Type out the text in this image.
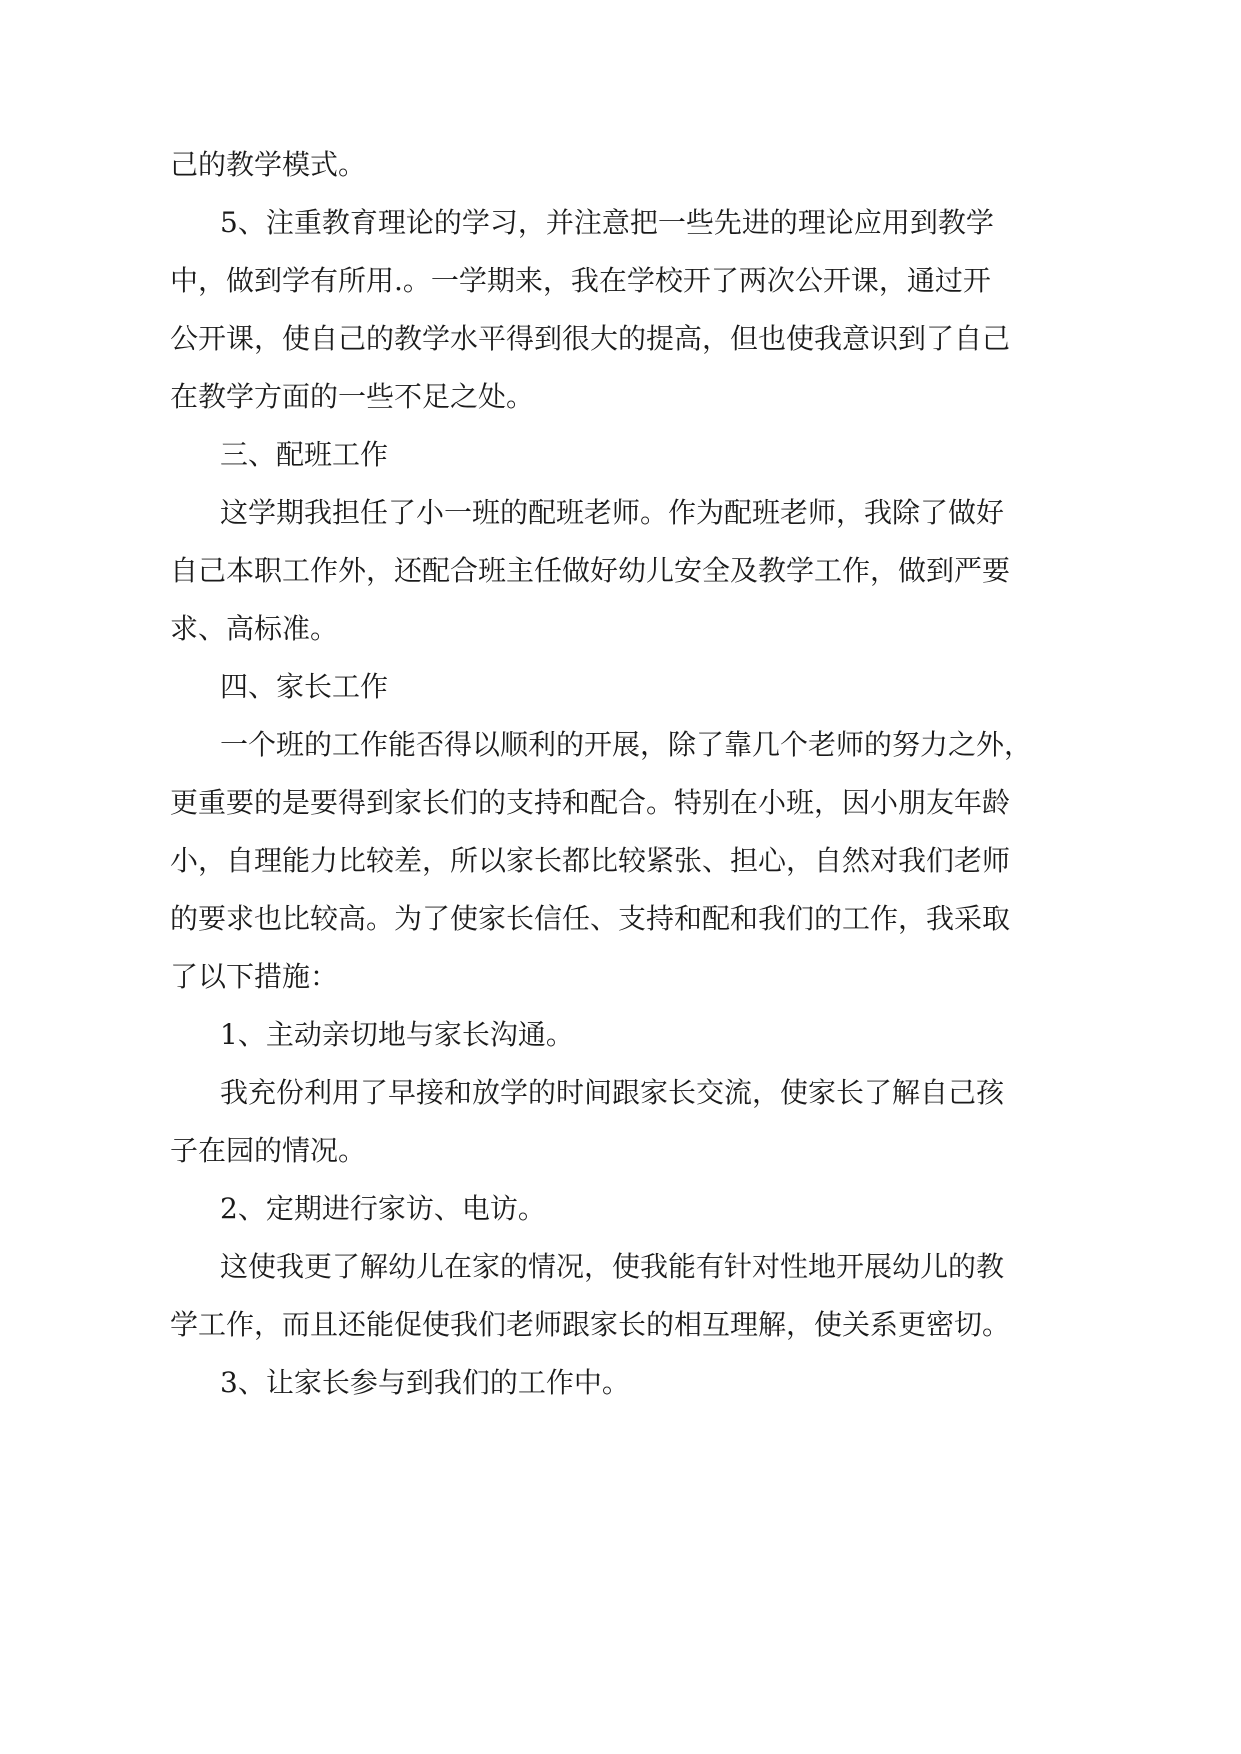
己的教学模式。
5、注重教育理论的学习，并注意把一些先进的理论应用到教学
中，做到学有所用.。一学期来，我在学校开了两次公开课，通过开
公开课，使自己的教学水平得到很大的提高，但也使我意识到了自己
在教学方面的一些不足之处。
三、配班工作
这学期我担任了小一班的配班老师。作为配班老师，我除了做好
自己本职工作外，还配合班主任做好幼儿安全及教学工作，做到严要
求、高标准。
四、家长工作
一个班的工作能否得以顺利的开展，除了靠几个老师的努力之外，
更重要的是要得到家长们的支持和配合。特别在小班，因小朋友年龄
小，自理能力比较差，所以家长都比较紧张、担心，自然对我们老师
的要求也比较高。为了使家长信任、支持和配和我们的工作，我采取
了以下措施：
1、主动亲切地与家长沟通。
我充份利用了早接和放学的时间跟家长交流，使家长了解自己孩
子在园的情况。
2、定期进行家访、电访。
这使我更了解幼儿在家的情况，使我能有针对性地开展幼儿的教
学工作，而且还能促使我们老师跟家长的相互理解，使关系更密切。
3、让家长参与到我们的工作中。
